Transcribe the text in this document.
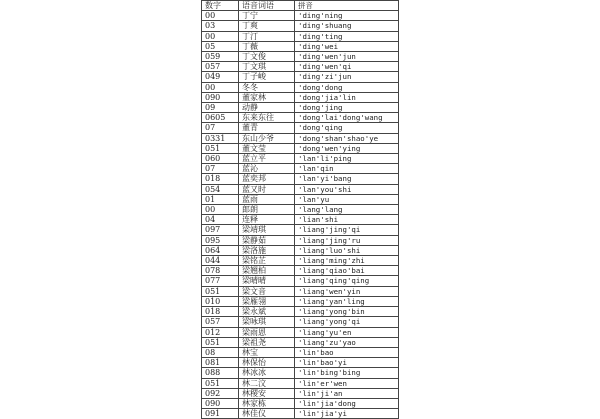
数字	语音词语	拼音
00	丁宁	'ding'ning
03	丁爽	'ding'shuang
00	丁汀	'ding'ting
05	丁薇	'ding'wei
059	丁文俊	'ding'wen'jun
057	丁文琪	'ding'wen'qi
049	丁子峻	'ding'zi'jun
00	冬冬	'dong'dong
090	董家林	'dong'jia'lin
09	动静	'dong'jing
0605	东来东往	'dong'lai'dong'wang
07	董青	'dong'qing
0331	东山少爷	'dong'shan'shao'ye
051	董文莹	'dong'wen'ying
060	蓝立平	'lan'li'ping
07	蓝沁	'lan'qin
018	蓝奕邦	'lan'yi'bang
054	蓝又时	'lan'you'shi
01	蓝雨	'lan'yu
00	郎朗	'lang'lang
04	连释	'lian'shi
097	梁靖琪	'liang'jing'qi
095	梁静茹	'liang'jing'ru
064	梁洛施	'liang'luo'shi
044	梁铭芷	'liang'ming'zhi
078	梁翘柏	'liang'qiao'bai
077	梁晴晴	'liang'qing'qing
051	梁文音	'liang'wen'yin
010	梁雁翎	'liang'yan'ling
018	梁永斌	'liang'yong'bin
057	梁咏琪	'liang'yong'qi
012	梁雨恩	'liang'yu'en
051	梁祖尧	'liang'zu'yao
08	林宝	'lin'bao
081	林保怡	'lin'bao'yi
088	林冰冰	'lin'bing'bing
051	林二汶	'lin'er'wen
092	林稷安	'lin'ji'an
090	林家栋	'lin'jia'dong
091	林佳仪	'lin'jia'yi
